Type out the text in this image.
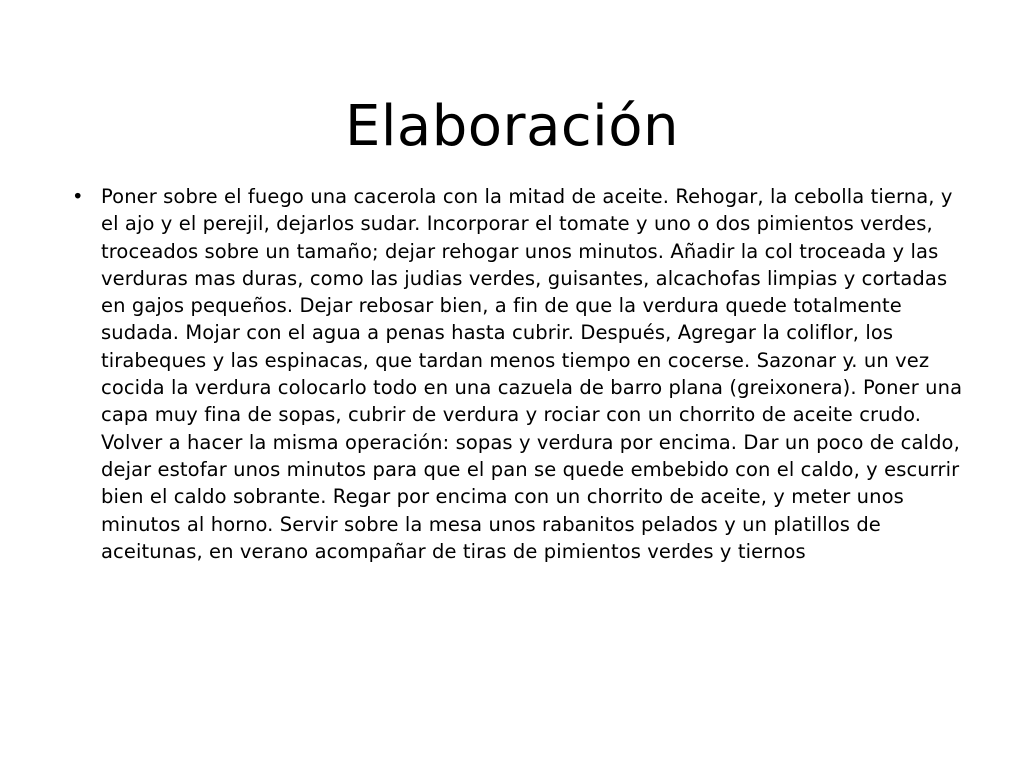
Elaboración
• Poner sobre el fuego una cacerola con la mitad de aceite. Rehogar, la cebolla tierna, y el ajo y el perejil, dejarlos sudar. Incorporar el tomate y uno o dos pimientos verdes, troceados sobre un tamaño; dejar rehogar unos minutos. Añadir la col troceada y las verduras mas duras, como las judias verdes, guisantes, alcachofas limpias y cortadas en gajos pequeños. Dejar rebosar bien, a fin de que la verdura quede totalmente sudada. Mojar con el agua a penas hasta cubrir. Después, Agregar la coliflor, los tirabeques y las espinacas, que tardan menos tiempo en cocerse. Sazonar y. un vez cocida la verdura colocarlo todo en una cazuela de barro plana (greixonera). Poner una capa muy fina de sopas, cubrir de verdura y rociar con un chorrito de aceite crudo. Volver a hacer la misma operación: sopas y verdura por encima. Dar un poco de caldo, dejar estofar unos minutos para que el pan se quede embebido con el caldo, y escurrir bien el caldo sobrante. Regar por encima con un chorrito de aceite, y meter unos minutos al horno. Servir sobre la mesa unos rabanitos pelados y un platillos de aceitunas, en verano acompañar de tiras de pimientos verdes y tiernos
